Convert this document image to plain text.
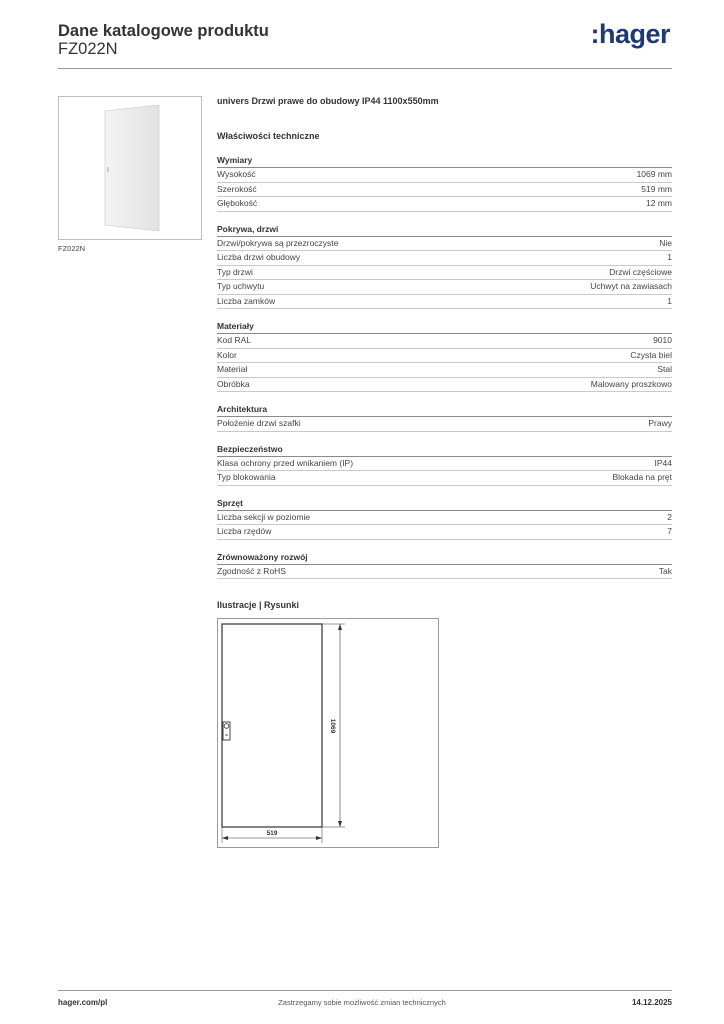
Dane katalogowe produktu
FZ022N	:hager
FZ022N
univers Drzwi prawe do obudowy IP44 1100x550mm
Właściwości techniczne
Wymiary
Wysokość	1069 mm
Szerokość	519 mm
Głębokość	12 mm
Pokrywa, drzwi
Drzwi/pokrywa są przezroczyste	Nie
Liczba drzwi obudowy	1
Typ drzwi	Drzwi częściowe
Typ uchwytu	Uchwyt na zawiasach
Liczba zamków	1
Materiały
Kod RAL	9010
Kolor	Czysta biel
Materiał	Stal
Obróbka	Malowany proszkowo
Architektura
Położenie drzwi szafki	Prawy
Bezpieczeństwo
Klasa ochrony przed wnikaniem (IP)	IP44
Typ blokowania	Blokada na pręt
Sprzęt
Liczba sekcji w poziomie	2
Liczba rzędów	7
Zrównoważony rozwój
Zgodność z RoHS	Tak
Ilustracje | Rysunki
1069
519
hager.com/pl	Zastrzegamy sobie możliwość zmian technicznych	14.12.2025
